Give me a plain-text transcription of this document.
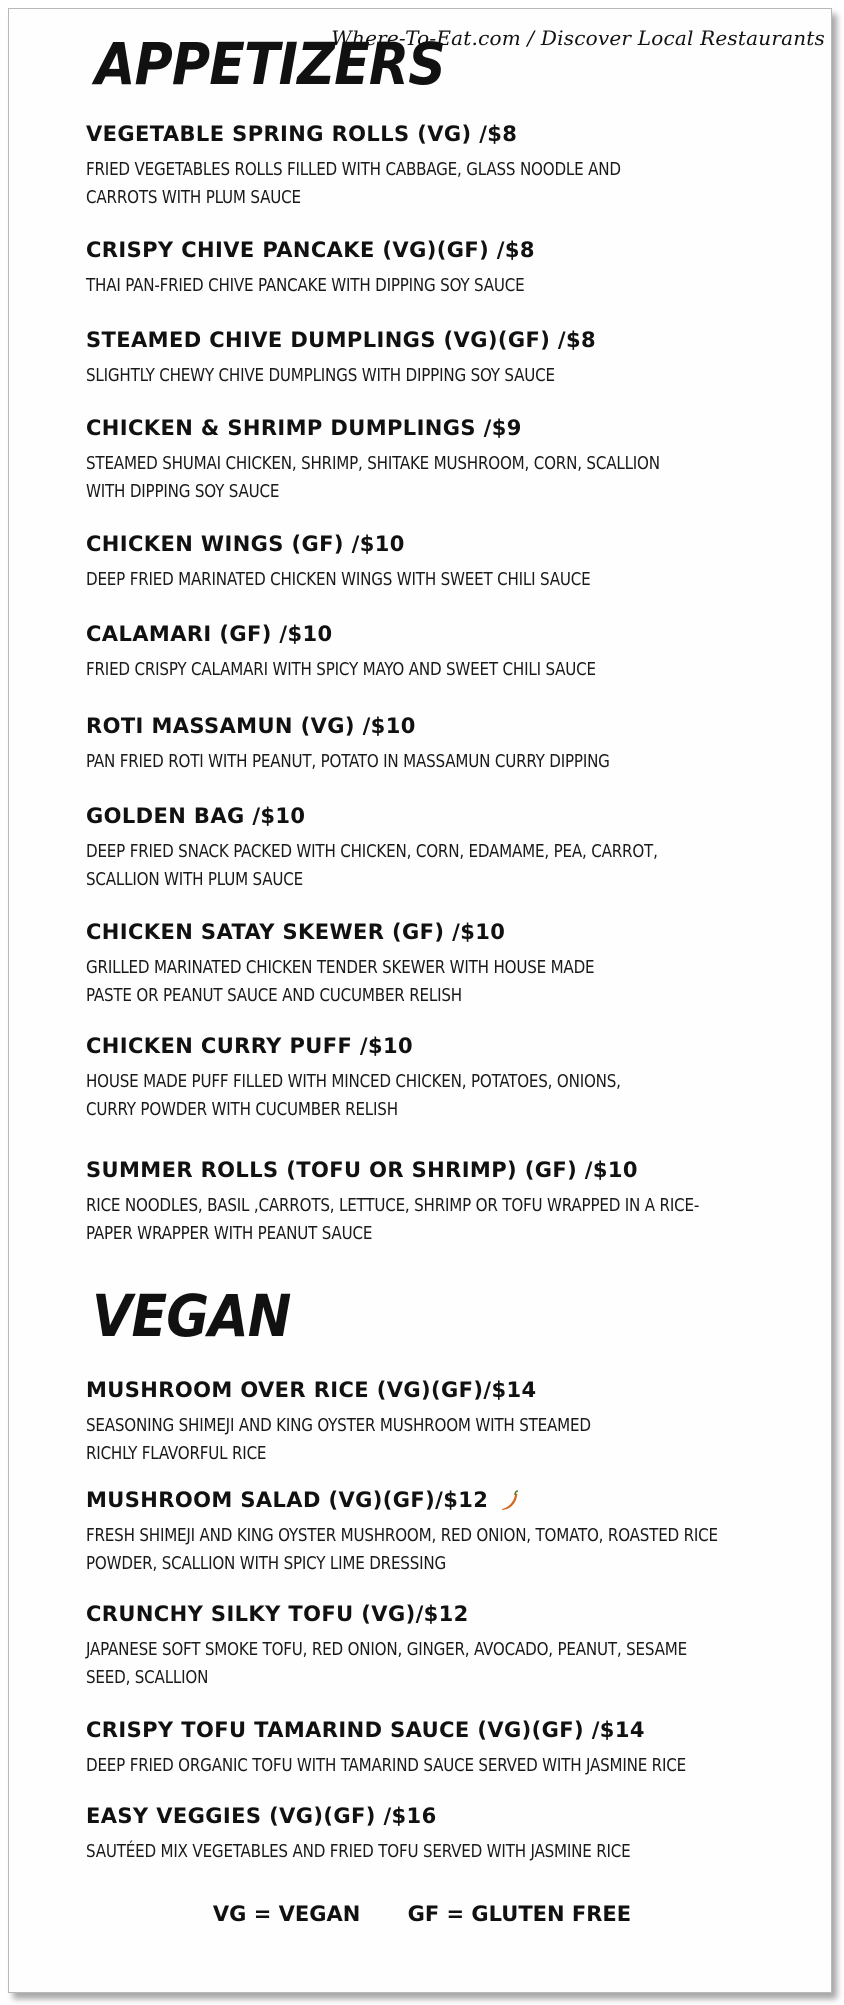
Where-To-Eat.com / Discover Local Restaurants
APPETIZERS
VEGETABLE SPRING ROLLS (VG) /$8
FRIED VEGETABLES ROLLS FILLED WITH CABBAGE, GLASS NOODLE AND CARROTS WITH PLUM SAUCE
CRISPY CHIVE PANCAKE (VG)(GF) /$8
THAI PAN-FRIED CHIVE PANCAKE WITH DIPPING SOY SAUCE
STEAMED CHIVE DUMPLINGS (VG)(GF) /$8
SLIGHTLY CHEWY CHIVE DUMPLINGS WITH DIPPING SOY SAUCE
CHICKEN & SHRIMP DUMPLINGS /$9
STEAMED SHUMAI CHICKEN, SHRIMP, SHITAKE MUSHROOM, CORN, SCALLION WITH DIPPING SOY SAUCE
CHICKEN WINGS (GF) /$10
DEEP FRIED MARINATED CHICKEN WINGS WITH SWEET CHILI SAUCE
CALAMARI (GF) /$10
FRIED CRISPY CALAMARI WITH SPICY MAYO AND SWEET CHILI SAUCE
ROTI MASSAMUN (VG) /$10
PAN FRIED ROTI WITH PEANUT, POTATO IN MASSAMUN CURRY DIPPING
GOLDEN BAG /$10
DEEP FRIED SNACK PACKED WITH CHICKEN, CORN, EDAMAME, PEA, CARROT, SCALLION WITH PLUM SAUCE
CHICKEN SATAY SKEWER (GF) /$10
GRILLED MARINATED CHICKEN TENDER SKEWER WITH HOUSE MADE PASTE OR PEANUT SAUCE AND CUCUMBER RELISH
CHICKEN CURRY PUFF /$10
HOUSE MADE PUFF FILLED WITH MINCED CHICKEN, POTATOES, ONIONS, CURRY POWDER WITH CUCUMBER RELISH
SUMMER ROLLS (TOFU OR SHRIMP) (GF) /$10
RICE NOODLES, BASIL ,CARROTS, LETTUCE, SHRIMP OR TOFU WRAPPED IN A RICE-PAPER WRAPPER WITH PEANUT SAUCE
VEGAN
MUSHROOM OVER RICE (VG)(GF)/$14
SEASONING SHIMEJI AND KING OYSTER MUSHROOM WITH STEAMED RICHLY FLAVORFUL RICE
MUSHROOM SALAD (VG)(GF)/$12
FRESH SHIMEJI AND KING OYSTER MUSHROOM, RED ONION, TOMATO, ROASTED RICE POWDER, SCALLION WITH SPICY LIME DRESSING
CRUNCHY SILKY TOFU (VG)/$12
JAPANESE SOFT SMOKE TOFU, RED ONION, GINGER, AVOCADO, PEANUT, SESAME SEED, SCALLION
CRISPY TOFU TAMARIND SAUCE (VG)(GF) /$14
DEEP FRIED ORGANIC TOFU WITH TAMARIND SAUCE SERVED WITH JASMINE RICE
EASY VEGGIES (VG)(GF) /$16
SAUTÉED MIX VEGETABLES AND FRIED TOFU SERVED WITH JASMINE RICE
VG = VEGAN GF = GLUTEN FREE
